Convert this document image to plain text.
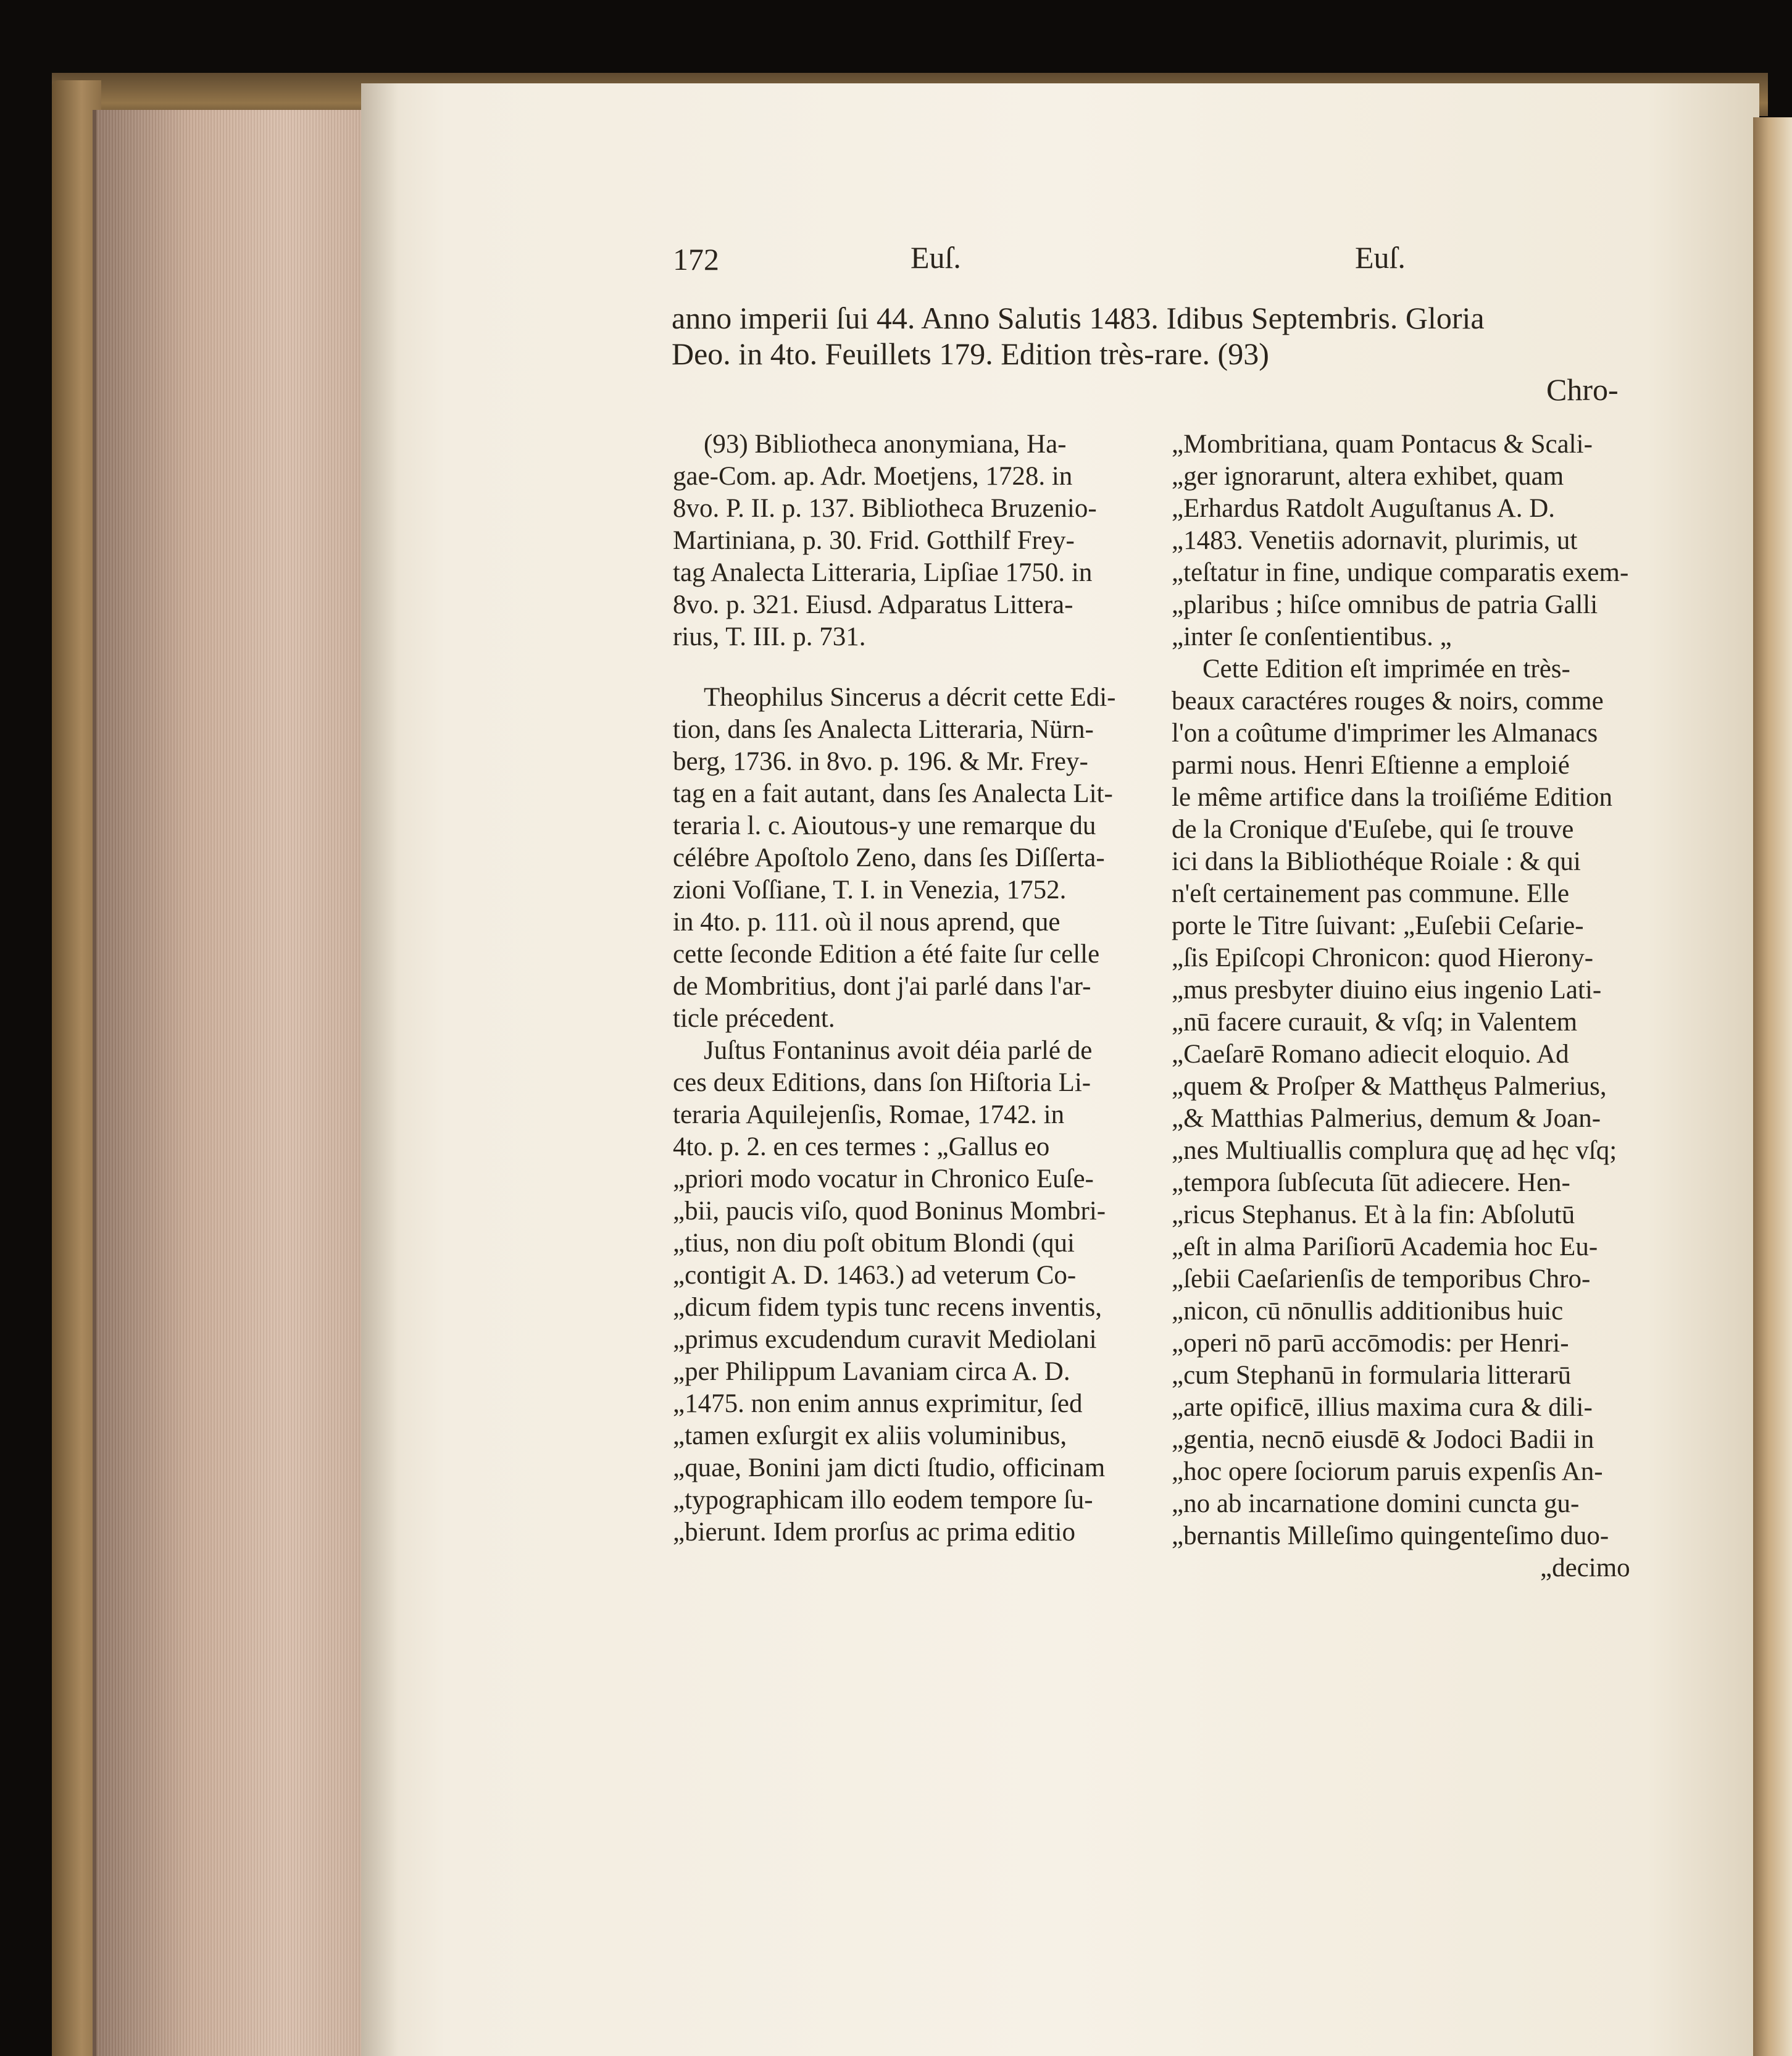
172	Euſ.	Euſ.
anno imperii ſui 44. Anno Salutis 1483. Idibus Septembris. Gloria
Deo. in 4to. Feuillets 179. Edition très-rare. (93)
Chro-
(93) Bibliotheca anonymiana, Ha-
gae-Com. ap. Adr. Moetjens, 1728. in
8vo. P. II. p. 137. Bibliotheca Bruzenio-
Martiniana, p. 30. Frid. Gotthilf Frey-
tag Analecta Litteraria, Lipſiae 1750. in
8vo. p. 321. Eiusd. Adparatus Littera-
rius, T. III. p. 731.
Theophilus Sincerus a décrit cette Edi-
tion, dans ſes Analecta Litteraria, Nürn-
berg, 1736. in 8vo. p. 196. & Mr. Frey-
tag en a fait autant, dans ſes Analecta Lit-
teraria l. c. Aioutous-y une remarque du
célébre Apoſtolo Zeno, dans ſes Diſſerta-
zioni Voſſiane, T. I. in Venezia, 1752.
in 4to. p. 111. où il nous aprend, que
cette ſeconde Edition a été faite ſur celle
de Mombritius, dont j'ai parlé dans l'ar-
ticle précedent.
Juſtus Fontaninus avoit déia parlé de
ces deux Editions, dans ſon Hiſtoria Li-
teraria Aquilejenſis, Romae, 1742. in
4to. p. 2. en ces termes : „Gallus eo
„priori modo vocatur in Chronico Euſe-
„bii, paucis viſo, quod Boninus Mombri-
„tius, non diu poſt obitum Blondi (qui
„contigit A. D. 1463.) ad veterum Co-
„dicum fidem typis tunc recens inventis,
„primus excudendum curavit Mediolani
„per Philippum Lavaniam circa A. D.
„1475. non enim annus exprimitur, ſed
„tamen exſurgit ex aliis voluminibus,
„quae, Bonini jam dicti ſtudio, officinam
„typographicam illo eodem tempore ſu-
„bierunt. Idem prorſus ac prima editio
„Mombritiana, quam Pontacus & Scali-
„ger ignorarunt, altera exhibet, quam
„Erhardus Ratdolt Auguſtanus A. D.
„1483. Venetiis adornavit, plurimis, ut
„teſtatur in fine, undique comparatis exem-
„plaribus ; hiſce omnibus de patria Galli
„inter ſe conſentientibus. „
Cette Edition eſt imprimée en très-
beaux caractéres rouges & noirs, comme
l'on a coûtume d'imprimer les Almanacs
parmi nous. Henri Eſtienne a emploié
le même artifice dans la troiſiéme Edition
de la Cronique d'Euſebe, qui ſe trouve
ici dans la Bibliothéque Roiale : & qui
n'eſt certainement pas commune. Elle
porte le Titre ſuivant: „Euſebii Ceſarie-
„ſis Epiſcopi Chronicon: quod Hierony-
„mus presbyter diuino eius ingenio Lati-
„nū facere curauit, & vſq; in Valentem
„Caeſarē Romano adiecit eloquio. Ad
„quem & Proſper & Matthęus Palmerius,
„& Matthias Palmerius, demum & Joan-
„nes Multiuallis complura quę ad hęc vſq;
„tempora ſubſecuta ſūt adiecere. Hen-
„ricus Stephanus. Et à la fin: Abſolutū
„eſt in alma Pariſiorū Academia hoc Eu-
„ſebii Caeſarienſis de temporibus Chro-
„nicon, cū nōnullis additionibus huic
„operi nō parū accōmodis: per Henri-
„cum Stephanū in formularia litterarū
„arte opificē, illius maxima cura & dili-
„gentia, necnō eiusdē & Jodoci Badii in
„hoc opere ſociorum paruis expenſis An-
„no ab incarnatione domini cuncta gu-
„bernantis Milleſimo quingenteſimo duo-
„decimo
